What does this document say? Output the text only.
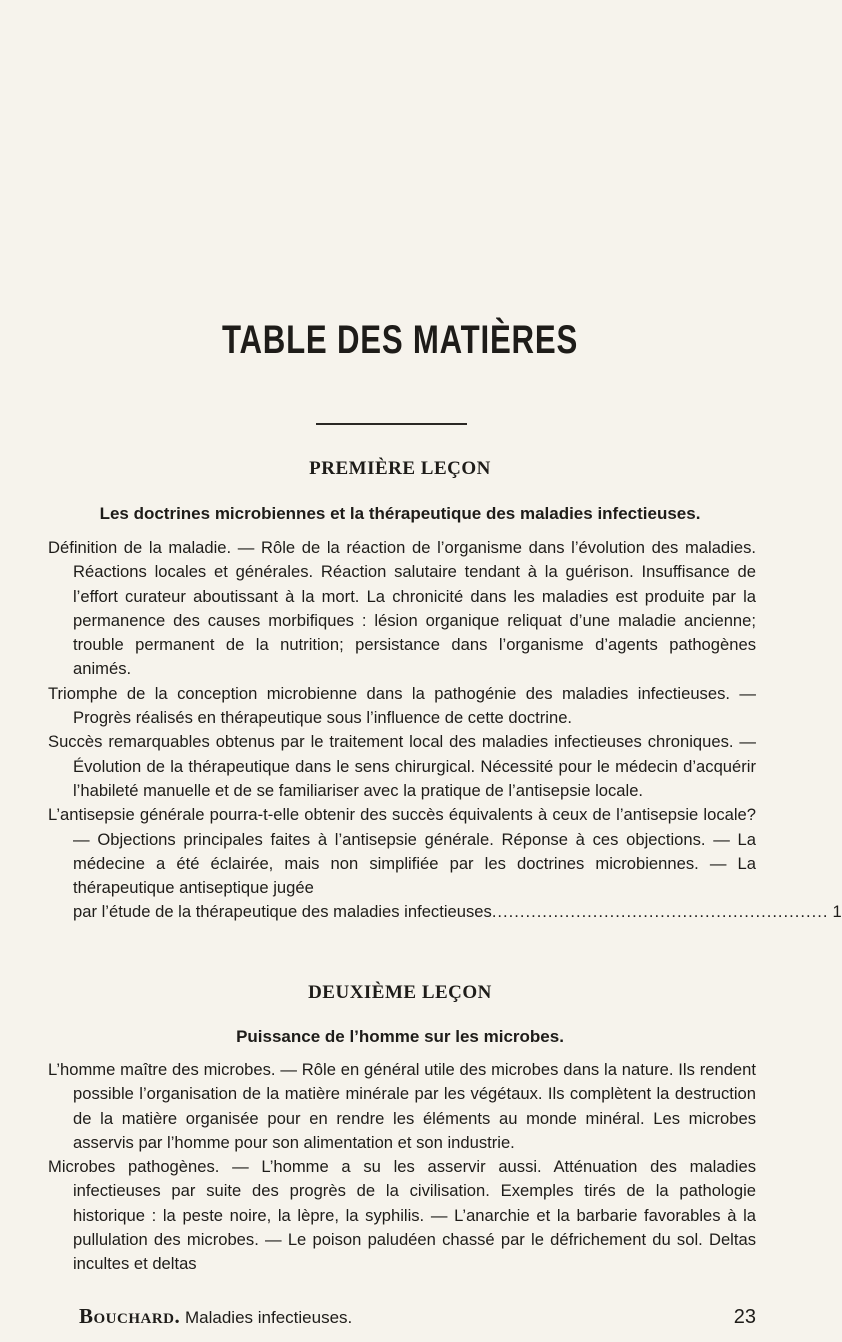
TABLE DES MATIÈRES
PREMIÈRE LEÇON
Les doctrines microbiennes et la thérapeutique des maladies infectieuses.

Définition de la maladie. — Rôle de la réaction de l’organisme dans l’évolution des maladies. Réactions locales et générales. Réaction salutaire tendant à la guérison. Insuffisance de l’effort curateur aboutissant à la mort. La chronicité dans les maladies est produite par la permanence des causes morbifiques : lésion organique reliquat d’une maladie ancienne; trouble permanent de la nutrition; persistance dans l’organisme d’agents pathogènes animés.

Triomphe de la conception microbienne dans la pathogénie des maladies infectieuses. — Progrès réalisés en thérapeutique sous l’influence de cette doctrine.

Succès remarquables obtenus par le traitement local des maladies infectieuses chroniques. — Évolution de la thérapeutique dans le sens chirurgical. Nécessité pour le médecin d’acquérir l’habileté manuelle et de se familiariser avec la pratique de l’antisepsie locale.

L’antisepsie générale pourra-t-elle obtenir des succès équivalents à ceux de l’antisepsie locale? — Objections principales faites à l’antisepsie générale. Réponse à ces objections. — La médecine a été éclairée, mais non simplifiée par les doctrines microbiennes. — La thérapeutique antiseptique jugée

par l’étude de la thérapeutique des maladies infectieuses ............................................................ 1
DEUXIÈME LEÇON
Puissance de l’homme sur les microbes.

L’homme maître des microbes. — Rôle en général utile des microbes dans la nature. Ils rendent possible l’organisation de la matière minérale par les végétaux. Ils complètent la destruction de la matière organisée pour en rendre les éléments au monde minéral. Les microbes asservis par l’homme pour son alimentation et son industrie.

Microbes pathogènes. — L’homme a su les asservir aussi. Atténuation des maladies infectieuses par suite des progrès de la civilisation. Exemples tirés de la pathologie historique : la peste noire, la lèpre, la syphilis. — L’anarchie et la barbarie favorables à la pullulation des microbes. — Le poison paludéen chassé par le défrichement du sol. Deltas incultes et deltas

Bouchard. Maladies infectieuses.	23
